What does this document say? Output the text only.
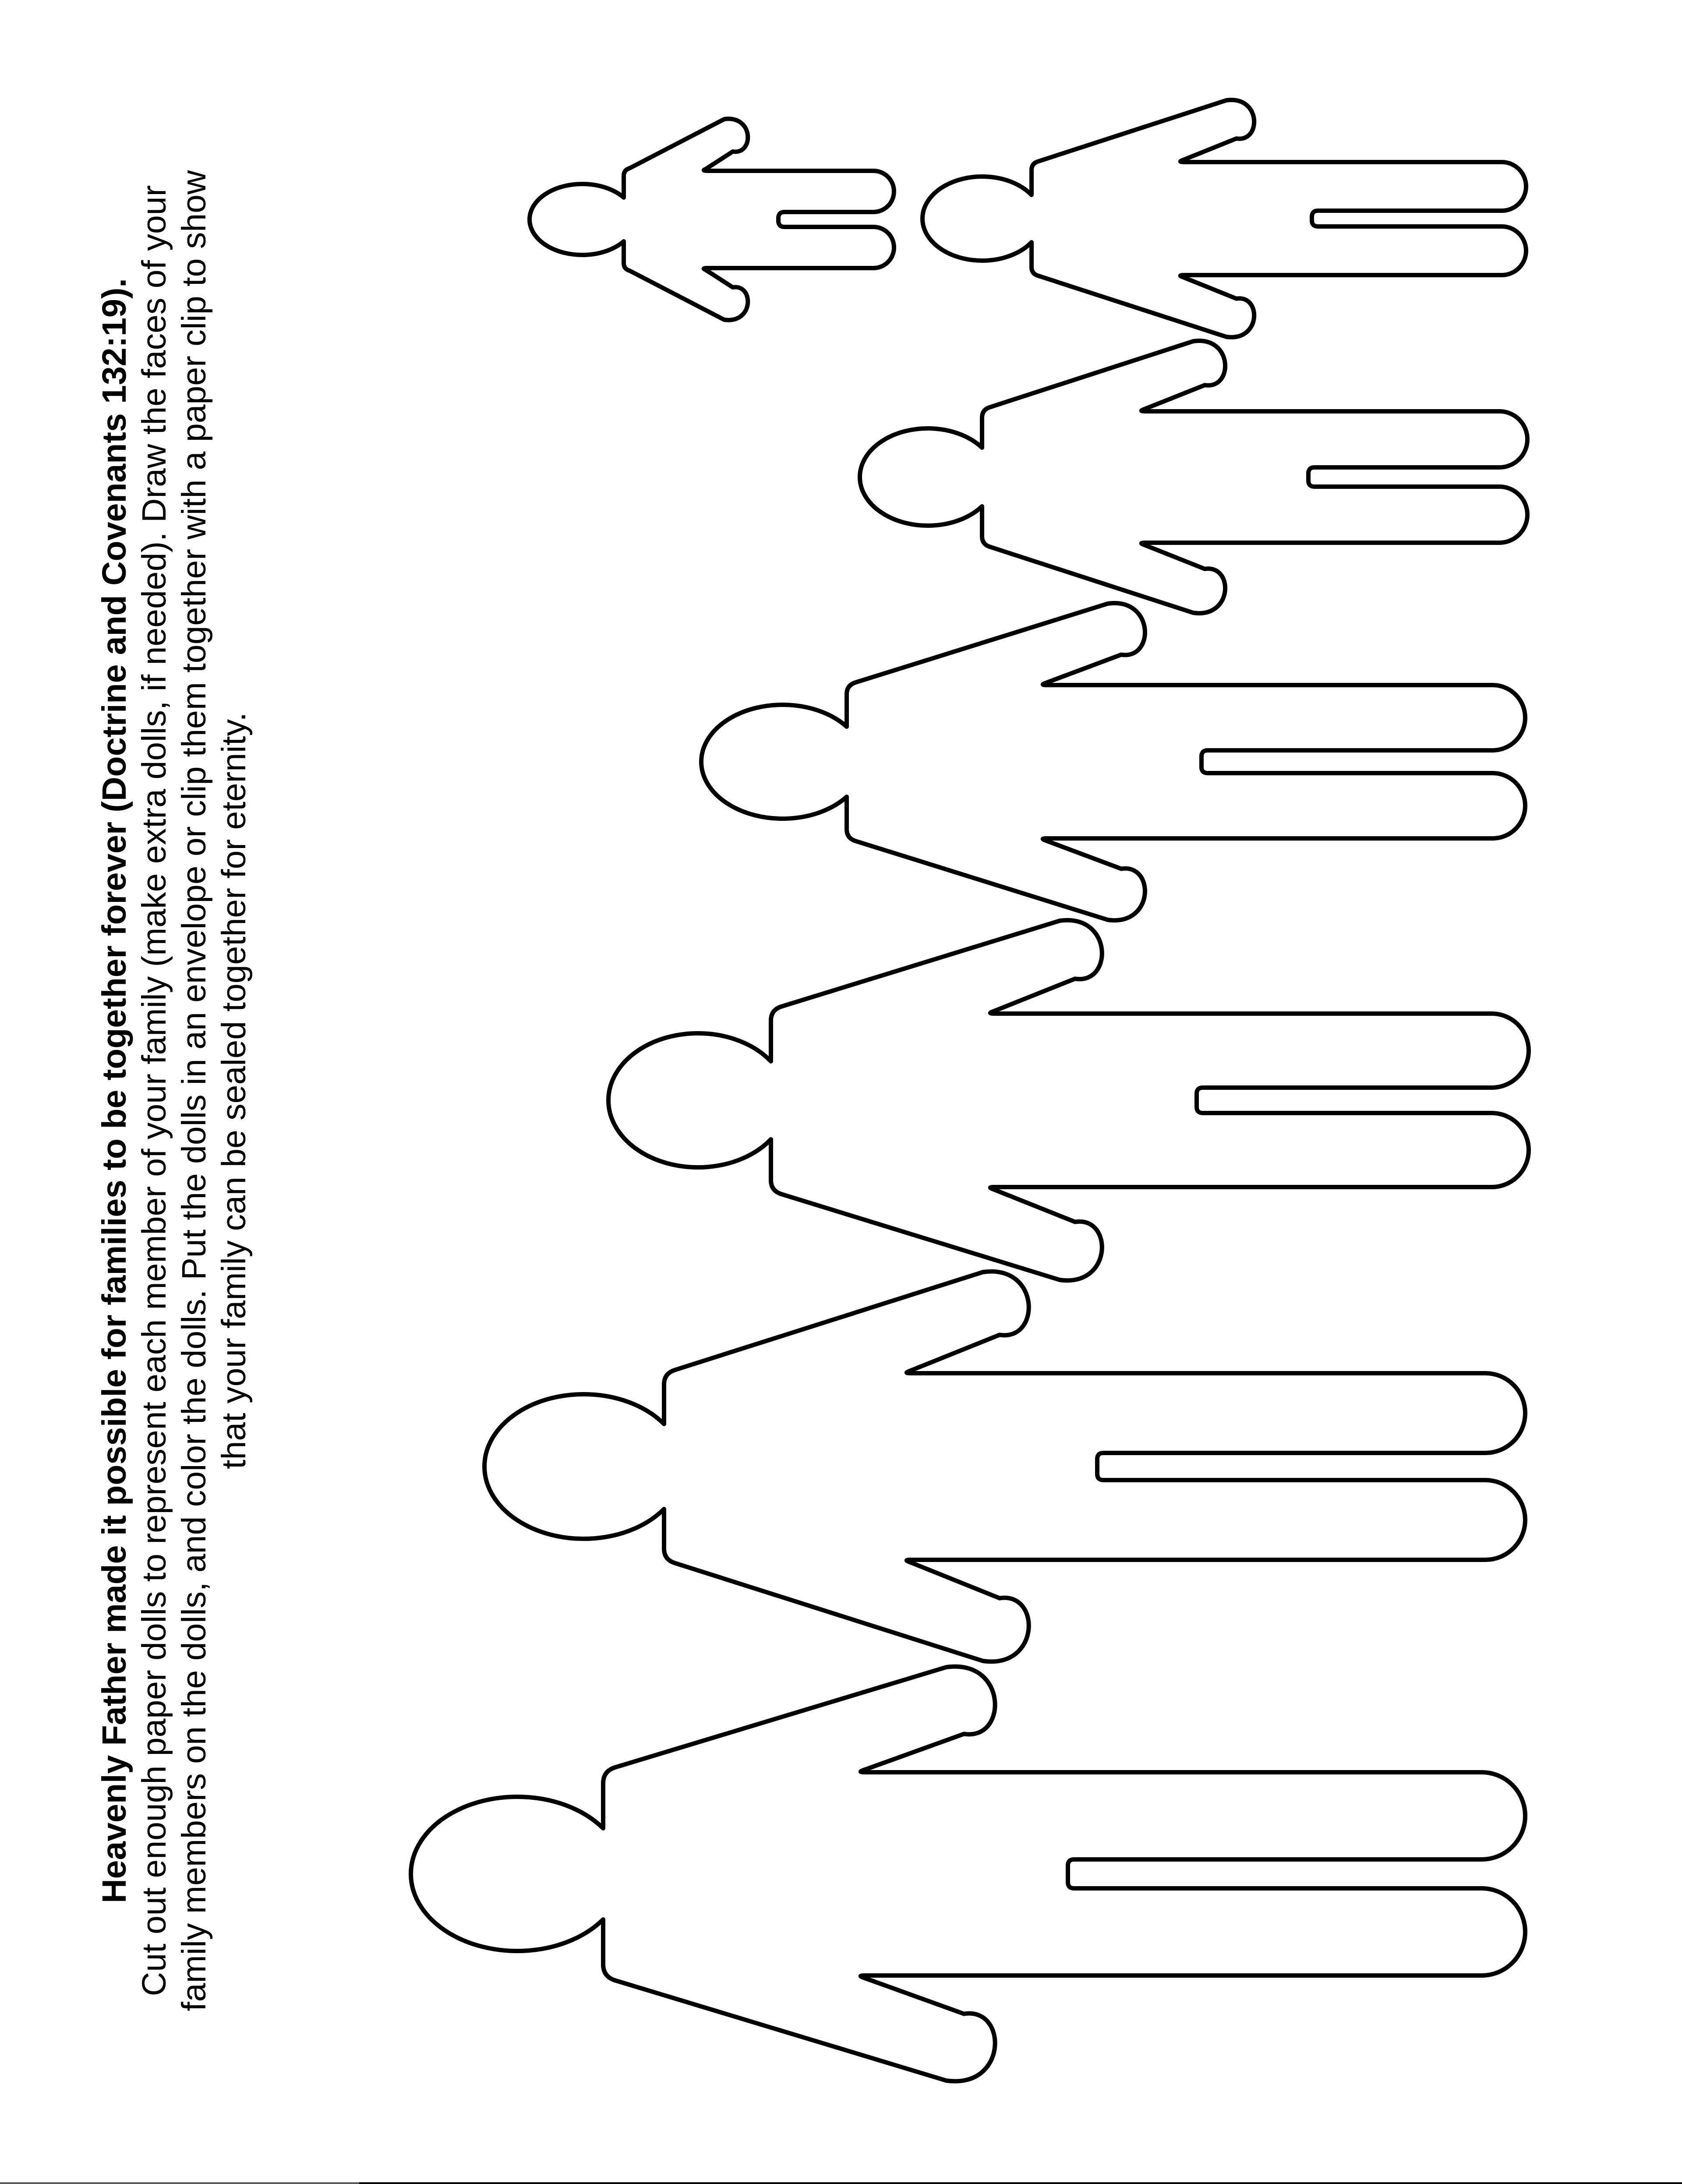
Heavenly Father made it possible for families to be together forever (Doctrine and Covenants 132:19). Cut out enough paper dolls to represent each member of your family (make extra dolls, if needed). Draw the faces of your family members on the dolls, and color the dolls. Put the dolls in an envelope or clip them together with a paper clip to show that your family can be sealed together for eternity.
